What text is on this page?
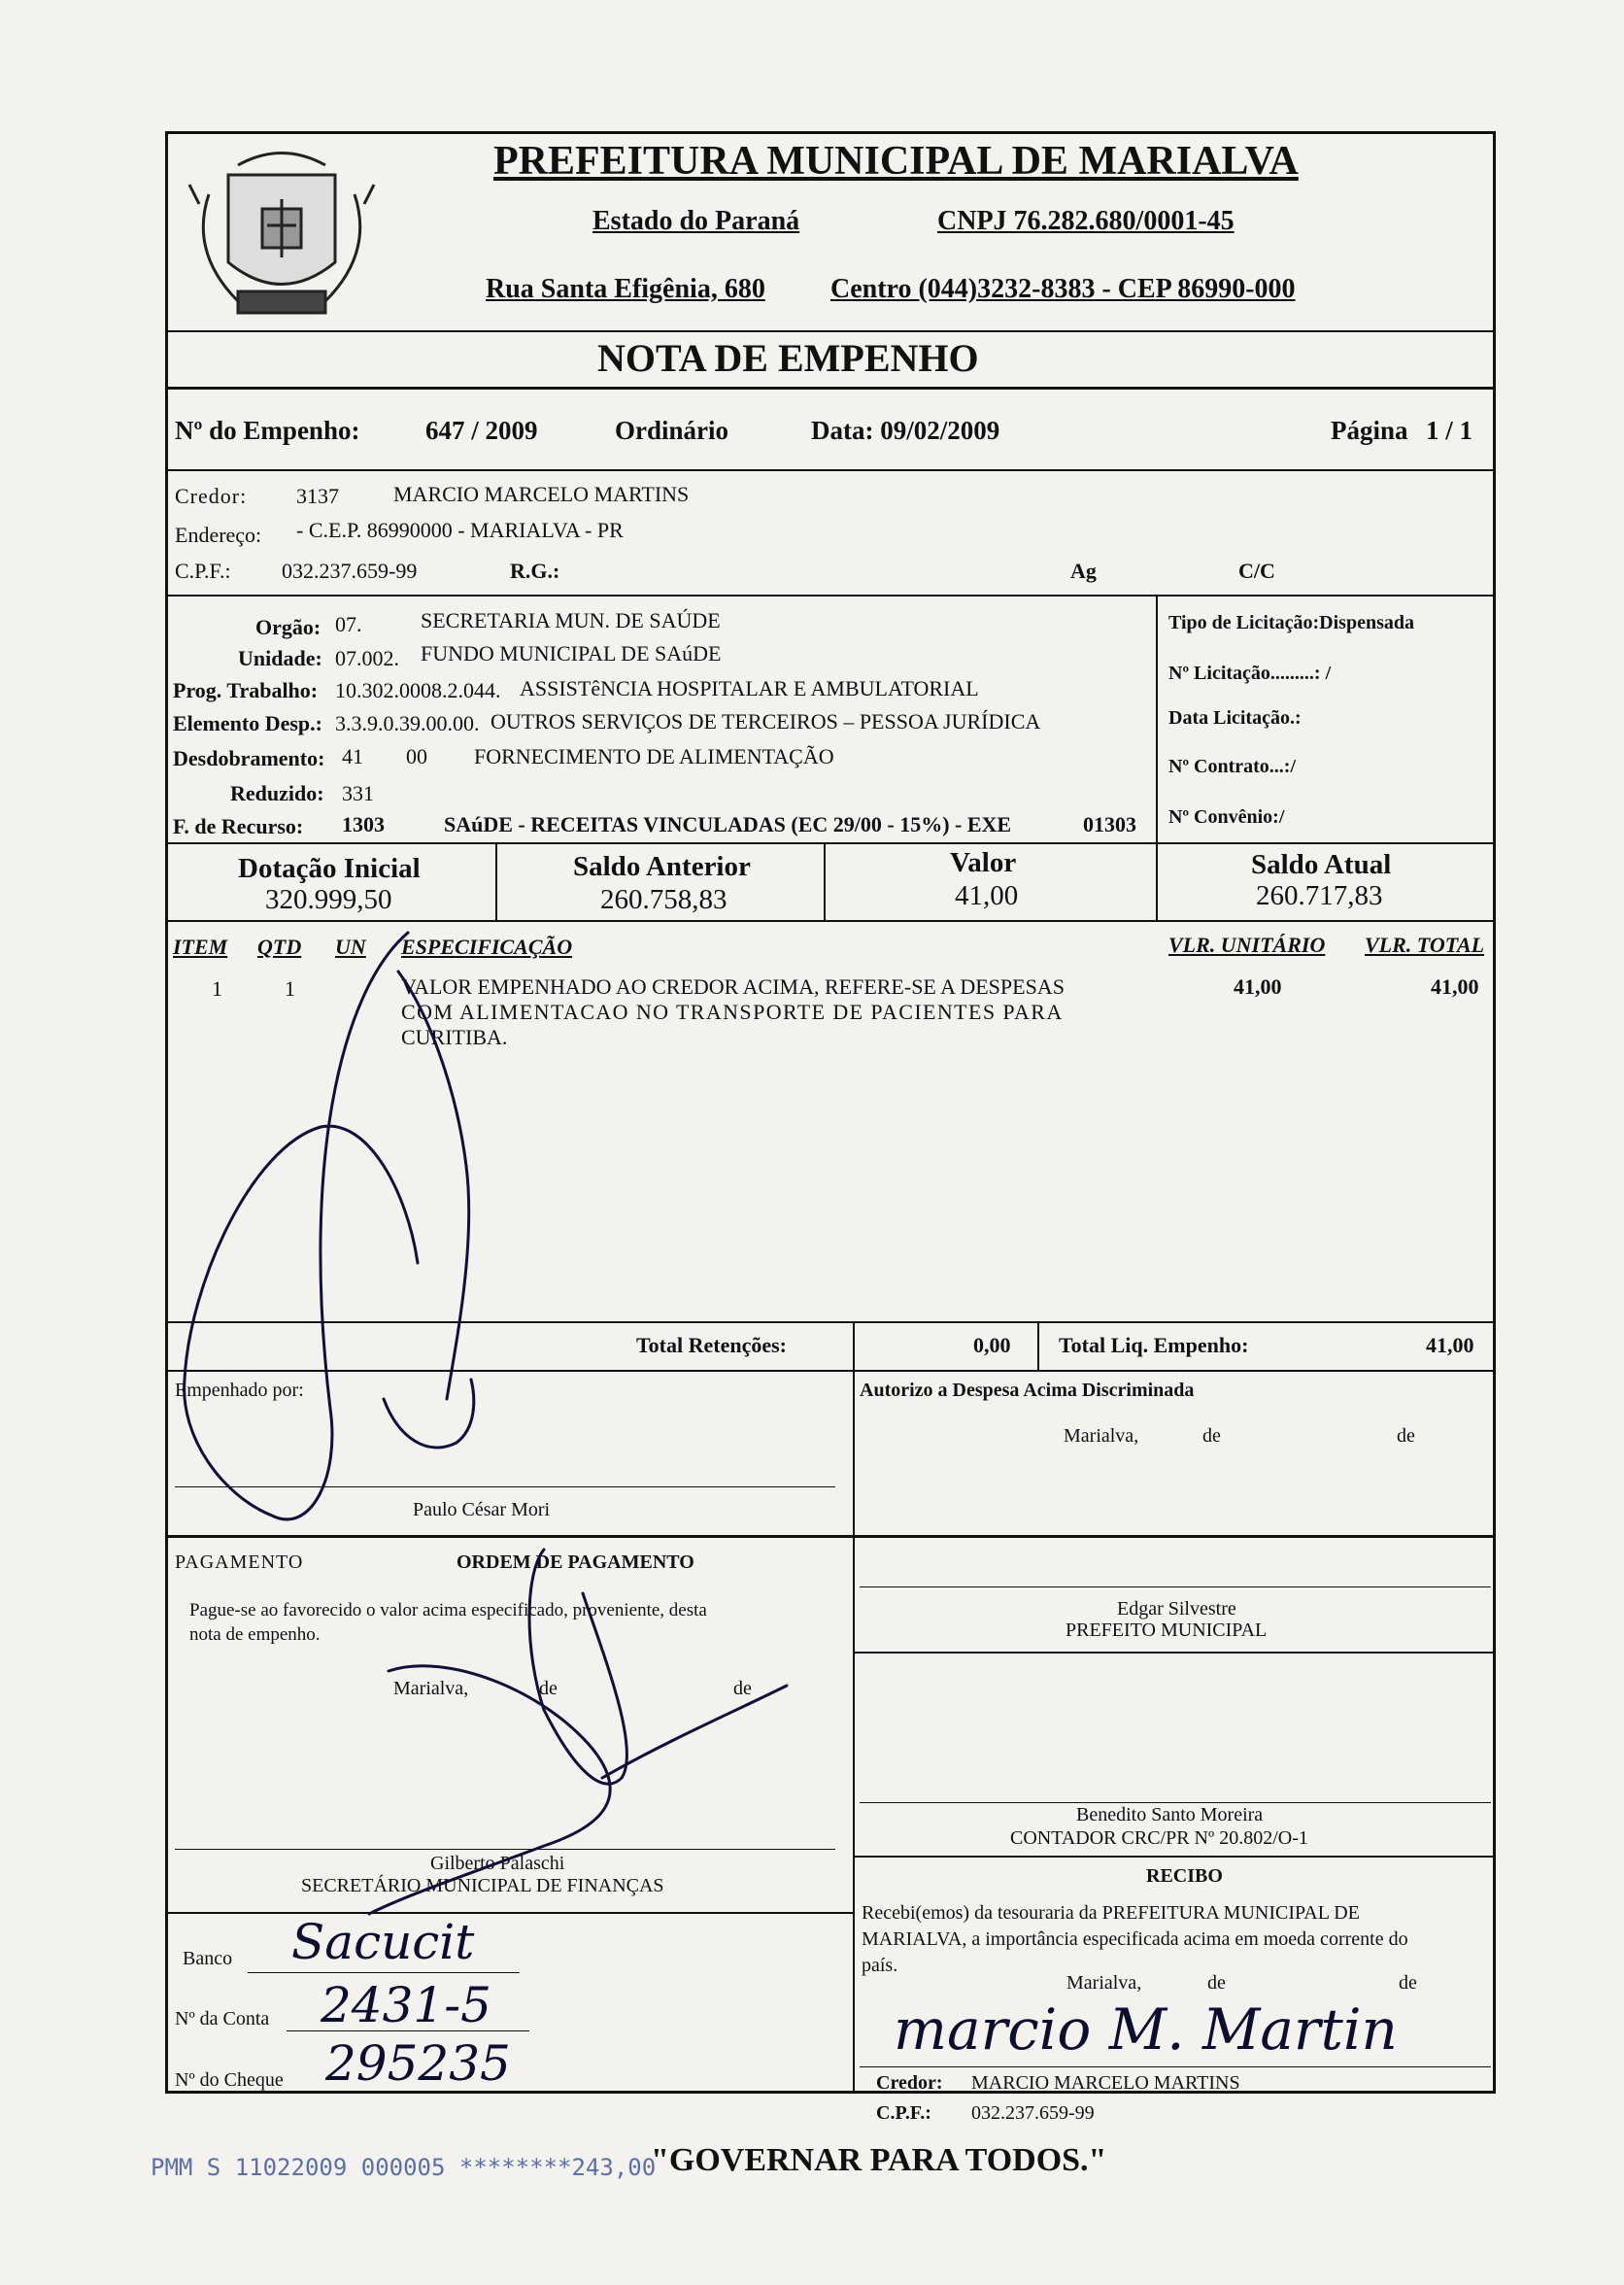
PREFEITURA MUNICIPAL DE MARIALVA
Estado do Paraná	CNPJ 76.282.680/0001-45
Rua Santa Efigênia, 680 Centro (044)3232-8383 - CEP 86990-000
NOTA DE EMPENHO
Nº do Empenho:	647 / 2009	Ordinário	Data: 09/02/2009	Página 1 / 1
Credor: 3137	MARCIO MARCELO MARTINS
Endereço: - C.E.P. 86990000 - MARIALVA - PR
C.P.F.: 032.237.659-99	R.G.:	Ag	C/C
Orgão: 07.	SECRETARIA MUN. DE SAÚDE
Unidade: 07.002. FUNDO MUNICIPAL DE SAúDE
Prog. Trabalho: 10.302.0008.2.044. ASSISTêNCIA HOSPITALAR E AMBULATORIAL
Elemento Desp.: 3.3.9.0.39.00.00. OUTROS SERVIÇOS DE TERCEIROS – PESSOA JURÍDICA
Desdobramento: 41 00 FORNECIMENTO DE ALIMENTAÇÃO
Reduzido: 331
F. de Recurso: 1303	SAúDE - RECEITAS VINCULADAS (EC 29/00 - 15%) - EXE	01303
Tipo de Licitação:Dispensada
Nº Licitação.........: /
Data Licitação.:
Nº Contrato...:/
Nº Convênio:/
Dotação Inicial
320.999,50
Saldo Anterior
260.758,83
Valor
41,00
Saldo Atual
260.717,83
ITEM QTD UN ESPECIFICAÇÃO	VLR. UNITÁRIO VLR. TOTAL
1	1	VALOR EMPENHADO AO CREDOR ACIMA, REFERE-SE A DESPESAS
COM ALIMENTACAO NO TRANSPORTE DE PACIENTES PARA
CURITIBA.
41,00	41,00
Total Retenções:	0,00 Total Liq. Empenho:	41,00
Empenhado por:
Paulo César Mori
Autorizo a Despesa Acima Discriminada
Marialva,	de	de
PAGAMENTO	ORDEM DE PAGAMENTO
Pague-se ao favorecido o valor acima especificado, proveniente, desta
nota de empenho.
Marialva,	de	de
Gilberto Palaschi
SECRETÁRIO MUNICIPAL DE FINANÇAS
Edgar Silvestre
PREFEITO MUNICIPAL
Benedito Santo Moreira
CONTADOR CRC/PR Nº 20.802/O-1
RECIBO
Recebi(emos) da tesouraria da PREFEITURA MUNICIPAL DE
MARIALVA, a importância especificada acima em moeda corrente do
país.
Marialva,	de	de
Credor: MARCIO MARCELO MARTINS
C.P.F.: 032.237.659-99
Banco Sacucit
Nº da Conta 2431-5
Nº do Cheque 295235
marcio M. Martin
PMM S 11022009 000005 ********243,00
"GOVERNAR PARA TODOS."
